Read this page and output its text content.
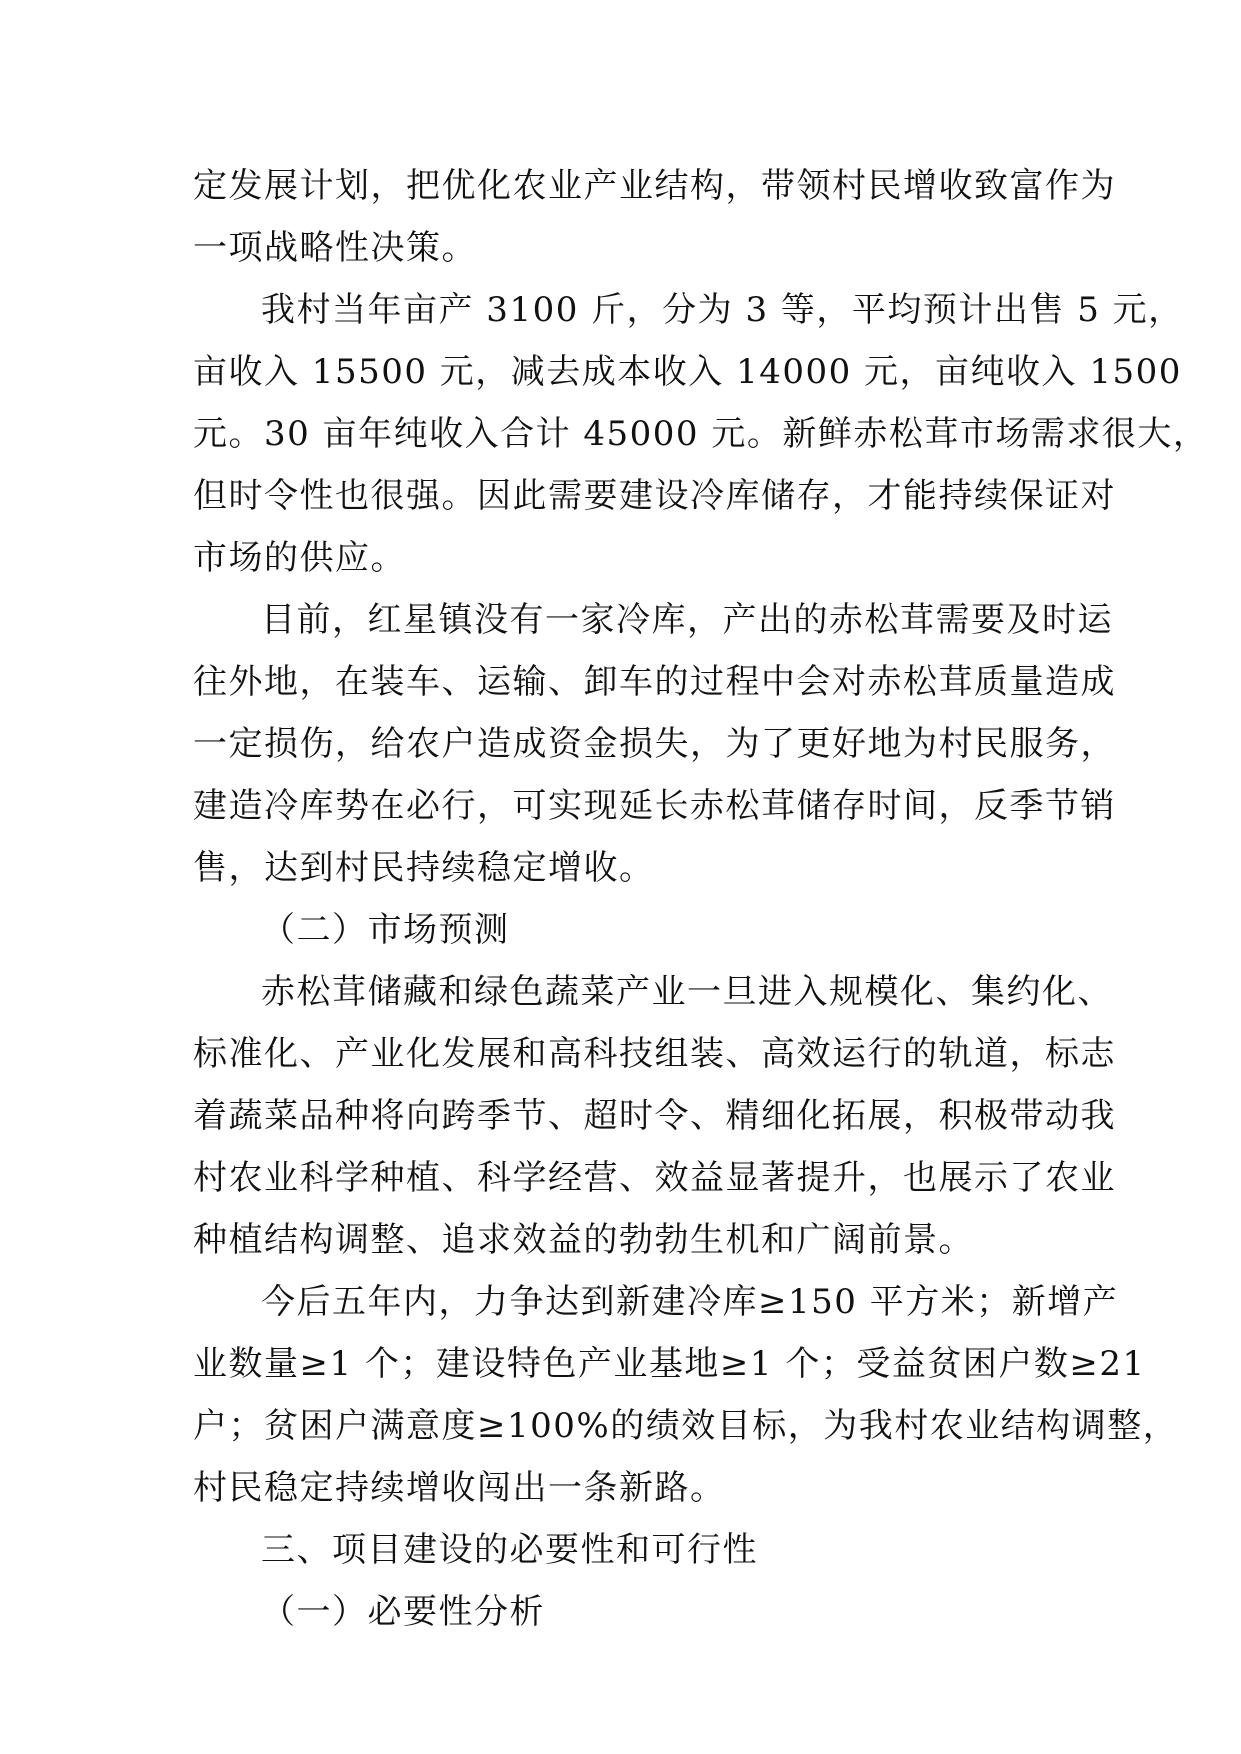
定发展计划，把优化农业产业结构，带领村民增收致富作为
一项战略性决策。
我村当年亩产 3100 斤，分为 3 等，平均预计出售 5 元，
亩收入 15500 元，减去成本收入 14000 元，亩纯收入 1500
元。30 亩年纯收入合计 45000 元。新鲜赤松茸市场需求很大，
但时令性也很强。因此需要建设冷库储存，才能持续保证对
市场的供应。
目前，红星镇没有一家冷库，产出的赤松茸需要及时运
往外地，在装车、运输、卸车的过程中会对赤松茸质量造成
一定损伤，给农户造成资金损失，为了更好地为村民服务，
建造冷库势在必行，可实现延长赤松茸储存时间，反季节销
售，达到村民持续稳定增收。
（二）市场预测
赤松茸储藏和绿色蔬菜产业一旦进入规模化、集约化、
标准化、产业化发展和高科技组装、高效运行的轨道，标志
着蔬菜品种将向跨季节、超时令、精细化拓展，积极带动我
村农业科学种植、科学经营、效益显著提升，也展示了农业
种植结构调整、追求效益的勃勃生机和广阔前景。
今后五年内，力争达到新建冷库≥150 平方米；新增产
业数量≥1 个；建设特色产业基地≥1 个；受益贫困户数≥21
户；贫困户满意度≥100%的绩效目标，为我村农业结构调整，
村民稳定持续增收闯出一条新路。
三、项目建设的必要性和可行性
（一）必要性分析
